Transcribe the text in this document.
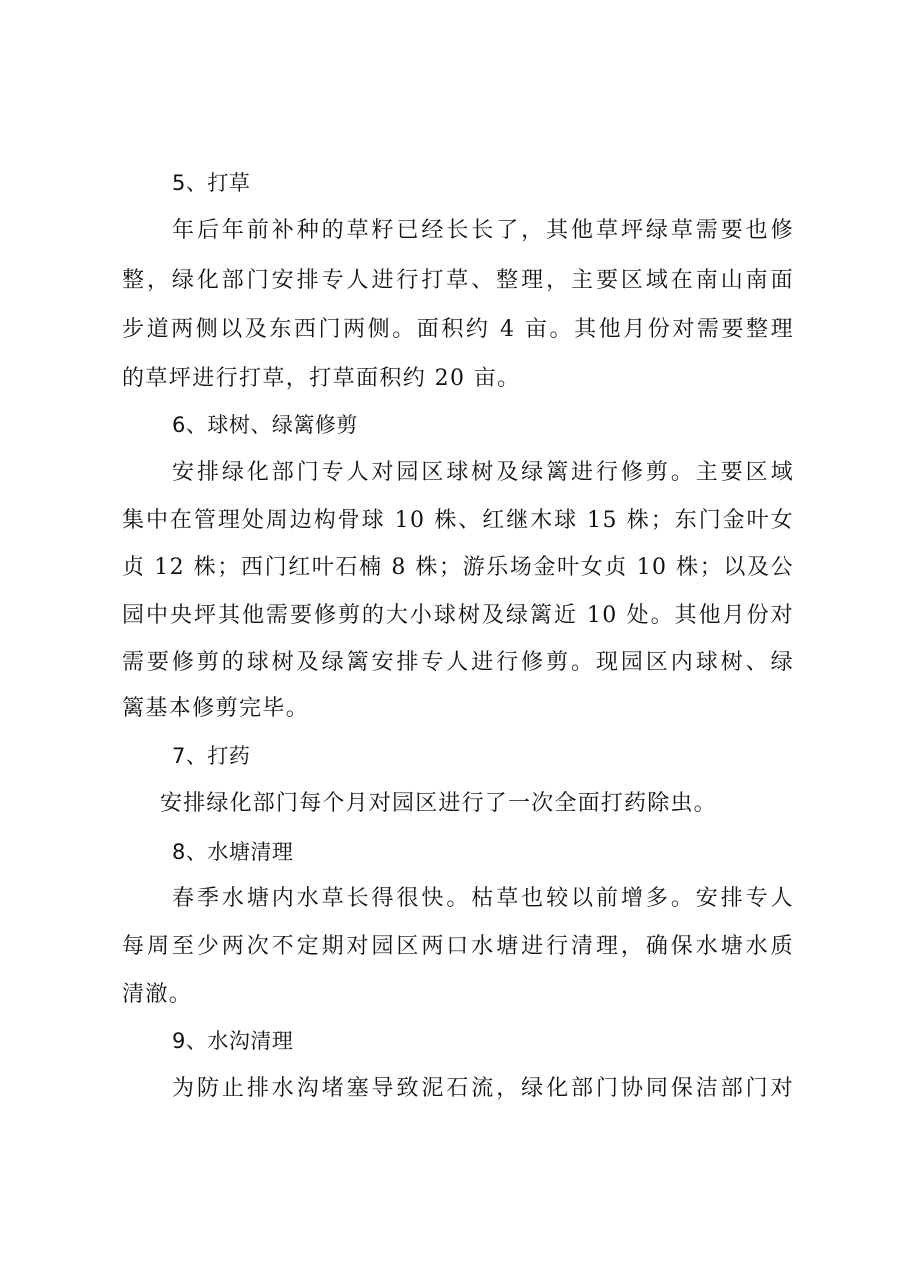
5、打草
年后年前补种的草籽已经长长了，其他草坪绿草需要也修
整，绿化部门安排专人进行打草、整理，主要区域在南山南面
步道两侧以及东西门两侧。面积约 4 亩。其他月份对需要整理
的草坪进行打草，打草面积约 20 亩。
6、球树、绿篱修剪
安排绿化部门专人对园区球树及绿篱进行修剪。主要区域
集中在管理处周边构骨球 10 株、红继木球 15 株；东门金叶女
贞 12 株；西门红叶石楠 8 株；游乐场金叶女贞 10 株；以及公
园中央坪其他需要修剪的大小球树及绿篱近 10 处。其他月份对
需要修剪的球树及绿篱安排专人进行修剪。现园区内球树、绿
篱基本修剪完毕。
7、打药
安排绿化部门每个月对园区进行了一次全面打药除虫。
8、水塘清理
春季水塘内水草长得很快。枯草也较以前增多。安排专人
每周至少两次不定期对园区两口水塘进行清理，确保水塘水质
清澈。
9、水沟清理
为防止排水沟堵塞导致泥石流，绿化部门协同保洁部门对
